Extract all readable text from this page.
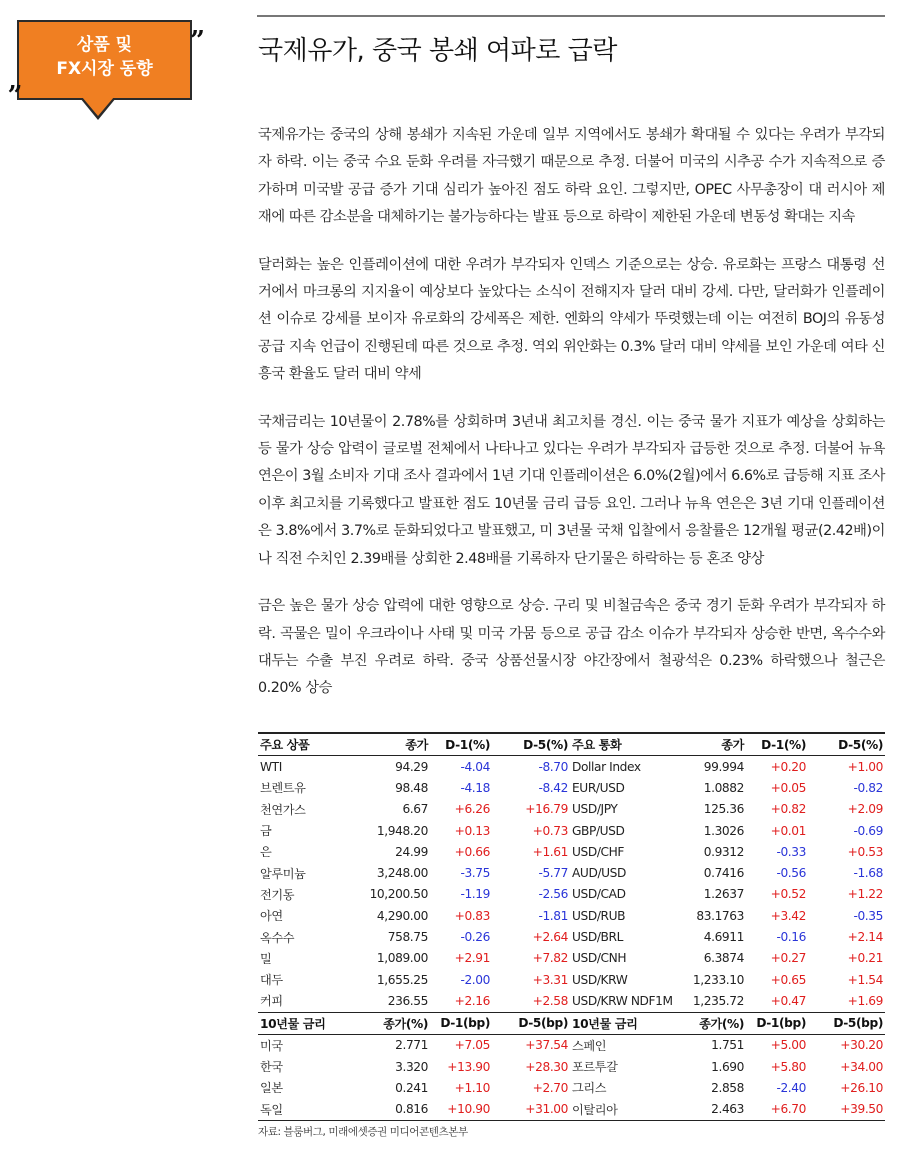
상품 및
FX시장 동향
„
” 국제유가, 중국 봉쇄 여파로 급락

국제유가는 중국의 상해 봉쇄가 지속된 가운데 일부 지역에서도 봉쇄가 확대될 수 있다는 우려가 부각되자 하락. 이는 중국 수요 둔화 우려를 자극했기 때문으로 추정. 더불어 미국의 시추공 수가 지속적으로 증가하며 미국발 공급 증가 기대 심리가 높아진 점도 하락 요인. 그렇지만, OPEC 사무총장이 대 러시아 제재에 따른 감소분을 대체하기는 불가능하다는 발표 등으로 하락이 제한된 가운데 변동성 확대는 지속

달러화는 높은 인플레이션에 대한 우려가 부각되자 인덱스 기준으로는 상승. 유로화는 프랑스 대통령 선거에서 마크롱의 지지율이 예상보다 높았다는 소식이 전해지자 달러 대비 강세. 다만, 달러화가 인플레이션 이슈로 강세를 보이자 유로화의 강세폭은 제한. 엔화의 약세가 뚜렷했는데 이는 여전히 BOJ의 유동성 공급 지속 언급이 진행된데 따른 것으로 추정. 역외 위안화는 0.3% 달러 대비 약세를 보인 가운데 여타 신흥국 환율도 달러 대비 약세

국채금리는 10년물이 2.78%를 상회하며 3년내 최고치를 경신. 이는 중국 물가 지표가 예상을 상회하는 등 물가 상승 압력이 글로벌 전체에서 나타나고 있다는 우려가 부각되자 급등한 것으로 추정. 더불어 뉴욕 연은이 3월 소비자 기대 조사 결과에서 1년 기대 인플레이션은 6.0%(2월)에서 6.6%로 급등해 지표 조사 이후 최고치를 기록했다고 발표한 점도 10년물 금리 급등 요인. 그러나 뉴욕 연은은 3년 기대 인플레이션은 3.8%에서 3.7%로 둔화되었다고 발표했고, 미 3년물 국채 입찰에서 응찰률은 12개월 평균(2.42배)이나 직전 수치인 2.39배를 상회한 2.48배를 기록하자 단기물은 하락하는 등 혼조 양상

금은 높은 물가 상승 압력에 대한 영향으로 상승. 구리 및 비철금속은 중국 경기 둔화 우려가 부각되자 하락. 곡물은 밀이 우크라이나 사태 및 미국 가뭄 등으로 공급 감소 이슈가 부각되자 상승한 반면, 옥수수와 대두는 수출 부진 우려로 하락. 중국 상품선물시장 야간장에서 철광석은 0.23% 하락했으나 철근은 0.20% 상승

주요 상품	종가	D-1(%)	D-5(%)	주요 통화	종가	D-1(%)	D-5(%)
WTI	94.29	-4.04	-8.70	Dollar Index	99.994	+0.20	+1.00
브렌트유	98.48	-4.18	-8.42	EUR/USD	1.0882	+0.05	-0.82
천연가스	6.67	+6.26	+16.79	USD/JPY	125.36	+0.82	+2.09
금	1,948.20	+0.13	+0.73	GBP/USD	1.3026	+0.01	-0.69
은	24.99	+0.66	+1.61	USD/CHF	0.9312	-0.33	+0.53
알루미늄	3,248.00	-3.75	-5.77	AUD/USD	0.7416	-0.56	-1.68
전기동	10,200.50	-1.19	-2.56	USD/CAD	1.2637	+0.52	+1.22
아연	4,290.00	+0.83	-1.81	USD/RUB	83.1763	+3.42	-0.35
옥수수	758.75	-0.26	+2.64	USD/BRL	4.6911	-0.16	+2.14
밀	1,089.00	+2.91	+7.82	USD/CNH	6.3874	+0.27	+0.21
대두	1,655.25	-2.00	+3.31	USD/KRW	1,233.10	+0.65	+1.54
커피	236.55	+2.16	+2.58	USD/KRW NDF1M	1,235.72	+0.47	+1.69
10년물 금리	종가(%)	D-1(bp)	D-5(bp)	10년물 금리	종가(%)	D-1(bp)	D-5(bp)
미국	2.771	+7.05	+37.54	스페인	1.751	+5.00	+30.20
한국	3.320	+13.90	+28.30	포르투갈	1.690	+5.80	+34.00
일본	0.241	+1.10	+2.70	그리스	2.858	-2.40	+26.10
독일	0.816	+10.90	+31.00	이탈리아	2.463	+6.70	+39.50
자료: 블룸버그, 미래에셋증권 미디어콘텐츠본부
